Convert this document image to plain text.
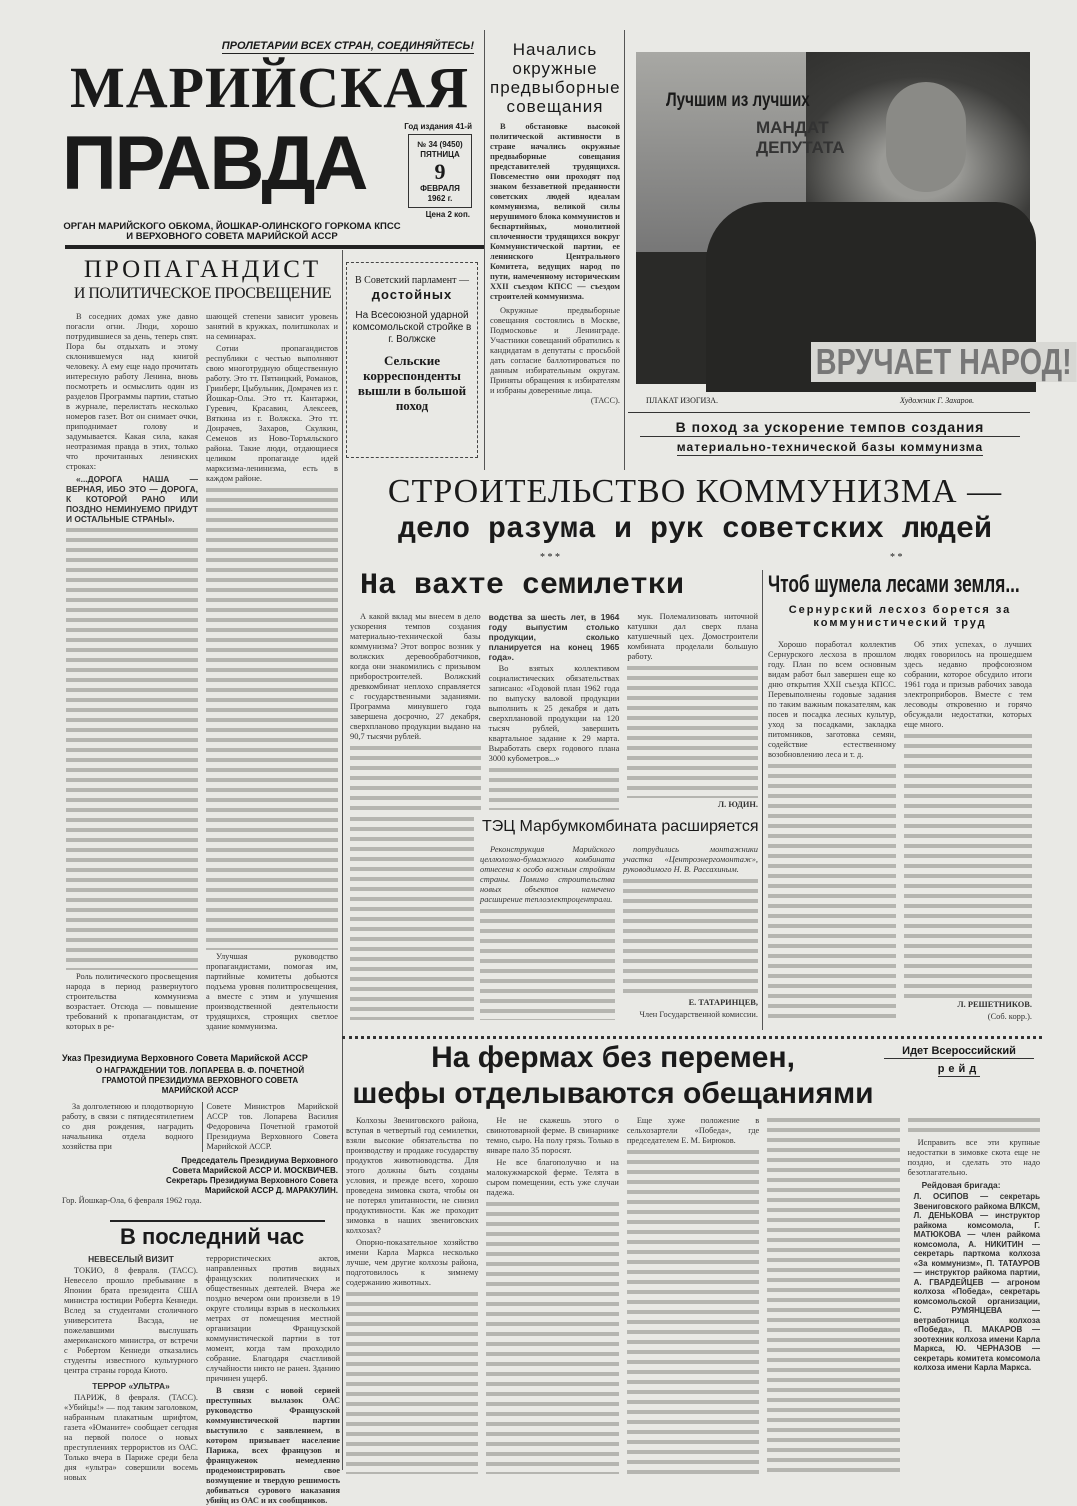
ПРОЛЕТАРИИ ВСЕХ СТРАН, СОЕДИНЯЙТЕСЬ!
МАРИЙСКАЯ
ПРАВДА	Год издания 41-й
№ 34 (9450)
ПЯТНИЦА
9
ФЕВРАЛЯ
1962 г.
Цена 2 коп.
ОРГАН МАРИЙСКОГО ОБКОМА, ЙОШКАР-ОЛИНСКОГО ГОРКОМА КПСС
И ВЕРХОВНОГО СОВЕТА МАРИЙСКОЙ АССР
Начались окружные предвыборные совещания

В обстановке высокой политической активности в стране начались окружные предвыборные совещания представителей трудящихся. Повсеместно они проходят под знаком беззаветной преданности советских людей идеалам коммунизма, великой силы нерушимого блока коммунистов и беспартийных, монолитной сплоченности трудящихся вокруг Коммунистической партии, ее ленинского Центрального Комитета, ведущих народ по пути, намеченному историческим XXII съездом КПСС — съездом строителей коммунизма.

Окружные предвыборные совещания состоялись в Москве, Подмосковье и Ленинграде. Участники совещаний обратились к кандидатам в депутаты с просьбой дать согласие баллотироваться по данным избирательным округам. Приняты обращения к избирателям и избраны доверенные лица.

(ТАСС).
Лучшим из лучших
МАНДАТ
ДЕПУТАТА
ВРУЧАЕТ НАРОД!
ПЛАКАТ ИЗОГИЗА.	Художник Г. Захаров.
В поход за ускорение темпов создания
материально-технической базы коммунизма
ПРОПАГАНДИСТ
И ПОЛИТИЧЕСКОЕ ПРОСВЕЩЕНИЕ

В соседних домах уже давно погасли огни. Люди, хорошо потрудившиеся за день, теперь спят. Пора бы отдыхать и этому склонившемуся над книгой человеку. А ему еще надо прочитать интересную работу Ленина, вновь посмотреть и осмыслить один из разделов Программы партии, статью в журнале, перелистать несколько номеров газет. Вот он снимает очки, приподнимает голову и задумывается. Какая сила, какая неотразимая правда в этих, только что прочитанных ленинских строках:

«...ДОРОГА НАША — ВЕРНАЯ, ИБО ЭТО — ДОРОГА, К КОТОРОЙ РАНО ИЛИ ПОЗДНО НЕМИНУЕМО ПРИДУТ И ОСТАЛЬНЫЕ СТРАНЫ».

Роль политического просвещения народа в период развернутого строительства коммунизма возрастает. Отсюда — повышение требований к пропагандистам, от которых в ре-

шающей степени зависит уровень занятий в кружках, политшколах и на семинарах.

Сотни пропагандистов республики с честью выполняют свою многотрудную общественную работу. Это тт. Пятницкий, Романов, Гринберг, Цыбульник, Домрачев из г. Йошкар-Олы. Это тт. Кантаржи, Гуревич, Красавин, Алексеев, Вяткина из г. Волжска. Это тт. Донрачев, Захаров, Скулкин, Семенов из Ново-Торъяльского района. Такие люди, отдающиеся целиком пропаганде идей марксизма-ленинизма, есть в каждом районе.

Улучшая руководство пропагандистами, помогая им, партийные комитеты добьются подъема уровня политпросвещения, а вместе с этим и улучшения производственной деятельности трудящихся, строящих светлое здание коммунизма.

В Советский парламент —
достойных
На Всесоюзной ударной комсомольской стройке в г. Волжске
Сельские корреспонденты вышли в большой поход
СТРОИТЕЛЬСТВО КОММУНИЗМА —
дело разума и рук советских людей
* * *	* *
На вахте семилетки

А какой вклад мы внесем в дело ускорения темпов создания материально-технической базы коммунизма? Этот вопрос возник у волжских деревообработчиков, когда они знакомились с призывом приборостроителей. Волжский древкомбинат неплохо справляется с государственными заданиями. Программа минувшего года завершена досрочно, 27 декабря, сверхпланово продукции выдано на 90,7 тысячи рублей.

водства за шесть лет, в 1964 году выпустим столько продукции, сколько планируется на конец 1965 года».

Во взятых коллективом социалистических обязательствах записано: «Годовой план 1962 года по выпуску валовой продукции выполнить к 25 декабря и дать сверхплановой продукции на 120 тысяч рублей, завершить квартальное задание к 29 марта. Выработать сверх годового плана 3000 кубометров...»

мук. Полемализовать ниточной катушки дал сверх плана катушечный цех. Домостроители комбината проделали большую работу.

Л. ЮДИН.
Чтоб шумела лесами земля...
Сернурский лесхоз борется за коммунистический труд

Хорошо поработал коллектив Сернурского лесхоза в прошлом году. План по всем основным видам работ был завершен еще ко дню открытия XXII съезда КПСС. Перевыполнены годовые задания по таким важным показателям, как посев и посадка лесных культур, уход за посадками, закладка питомников, заготовка семян, содействие естественному возобновлению леса и т. д.

Об этих успехах, о лучших людях говорилось на прошедшем здесь недавно профсоюзном собрании, которое обсудило итоги 1961 года и призыв рабочих завода электроприборов. Вместе с тем лесоводы откровенно и горячо обсуждали недостатки, которых еще много.

Л. РЕШЕТНИКОВ.
(Соб. корр.).
ТЭЦ Марбумкомбината расширяется

Реконструкция Марийского целлюлозно-бумажного комбината отнесена к особо важным стройкам страны. Помимо строительства новых объектов намечено расширение теплоэлектроцентрали.

потрудились монтажники участка «Центроэнергомонтаж», руководимого Н. В. Рассахиным.

Е. ТАТАРИНЦЕВ,
Член Государственной комиссии.
Указ Президиума Верховного Совета Марийской АССР
О НАГРАЖДЕНИИ ТОВ. ЛОПАРЕВА В. Ф. ПОЧЕТНОЙ ГРАМОТОЙ ПРЕЗИДИУМА ВЕРХОВНОГО СОВЕТА МАРИЙСКОЙ АССР

За долголетнюю и плодотворную работу, в связи с пятидесятилетием со дня рождения, наградить начальника отдела водного хозяйства при

Совете Министров Марийской АССР тов. Лопарева Василия Федоровича Почетной грамотой Президиума Верховного Совета Марийской АССР.

Председатель Президиума Верховного Совета Марийской АССР И. МОСКВИЧЕВ.
Секретарь Президиума Верховного Совета Марийской АССР Д. МАРАКУЛИН.
Гор. Йошкар-Ола, 6 февраля 1962 года.
В последний час
НЕВЕСЕЛЫЙ ВИЗИТ

ТОКИО, 8 февраля. (ТАСС). Невесело прошло пребывание в Японии брата президента США министра юстиции Роберта Кеннеди. Вслед за студентами столичного университета Васэда, не пожелавшими выслушать американского министра, от встречи с Робертом Кеннеди отказались студенты известного культурного центра страны города Киото.

ТЕРРОР «УЛЬТРА»

ПАРИЖ, 8 февраля. (ТАСС). «Убийцы!» — под таким заголовком, набранным плакатным шрифтом, газета «Юманите» сообщает сегодня на первой полосе о новых преступлениях террористов из ОАС. Только вчера в Париже среди бела дня «ультра» совершили восемь новых

террористических актов, направленных против видных французских политических и общественных деятелей. Вчера же поздно вечером они произвели в 19 округе столицы взрыв в нескольких метрах от помещения местной организации Французской коммунистической партии в тот момент, когда там проходило собрание. Благодаря счастливой случайности никто не ранен. Зданию причинен ущерб.

В связи с новой серией преступных вылазок ОАС руководство Французской коммунистической партии выступило с заявлением, в котором призывает население Парижа, всех французов и француженок немедленно продемонстрировать свое возмущение и твердую решимость добиваться сурового наказания убийц из ОАС и их сообщников.

На фермах без перемен,
шефы отделываются обещаниями
Идет Всероссийский
рейд

Колхозы Звениговского района, вступая в четвертый год семилетки, взяли высокие обязательства по производству и продаже государству продуктов животноводства. Для этого должны быть созданы условия, и прежде всего, хорошо проведена зимовка скота, чтобы он не потерял упитанности, не снизил продуктивности. Как же проходит зимовка в наших звениговских колхозах?

Опорно-показательное хозяйство имени Карла Маркса несколько лучше, чем другие колхозы района, подготовилось к зимнему содержанию животных.

Не не скажешь этого о свинотоварной ферме. В свинарнике темно, сыро. На полу грязь. Только в январе пало 35 поросят.

Не все благополучно и на малокужмарской ферме. Телята в сыром помещении, есть уже случаи падежа.

Еще хуже положение в сельхозартели «Победа», где председателем Е. М. Бирюков.	Исправить все эти крупные недостатки в зимовке скота еще не поздно, и сделать это надо безотлагательно.

Рейдовая бригада:

Л. ОСИПОВ — секретарь Звениговского райкома ВЛКСМ, Л. ДЕНЬКОВА — инструктор райкома комсомола, Г. МАТЮКОВА — член райкома комсомола, А. НИКИТИН — секретарь парткома колхоза «За коммунизм», П. ТАТАУРОВ — инструктор райкома партии, А. ГВАРДЕЙЦЕВ — агроном колхоза «Победа», секретарь комсомольской организации, С. РУМЯНЦЕВА — ветработница колхоза «Победа», П. МАКАРОВ — зоотехник колхоза имени Карла Маркса, Ю. ЧЕРНАЗОВ — секретарь комитета комсомола колхоза имени Карла Маркса.
